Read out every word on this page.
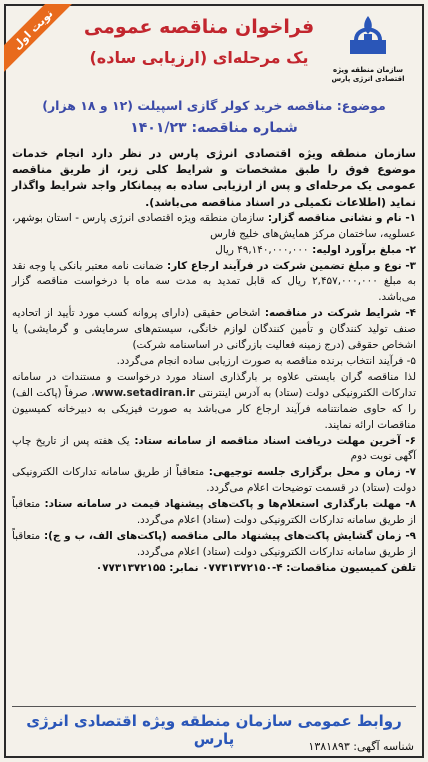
نوبت اول
سازمان منطقه ویژه اقتصادی انرژی پارس
فراخوان مناقصه عمومی
یک مرحله‌ای (ارزیابی ساده)
موضوع: مناقصه خرید کولر گازی اسپیلت (۱۲ و ۱۸ هزار)
شماره مناقصه: ۱۴۰۱/۲۳

سازمان منطقه ویژه اقتصادی انرژی پارس در نظر دارد انجام خدمات موضوع فوق را طبق مشخصات و شرایط کلی زیر، از طریق مناقصه عمومی یک مرحله‌ای و پس از ارزیابی ساده به پیمانکار واجد شرایط واگذار نماید (اطلاعات تکمیلی در اسناد مناقصه می‌باشد).

۱- نام و نشانی مناقصه گزار: سازمان منطقه ویژه اقتصادی انرژی پارس - استان بوشهر، عسلویه، ساختمان مرکز همایش‌های خلیج فارس

۲- مبلغ برآورد اولیه: ۴۹,۱۴۰,۰۰۰,۰۰۰ ریال

۳- نوع و مبلغ تضمین شرکت در فرآیند ارجاع کار: ضمانت نامه معتبر بانکی یا وجه نقد به مبلغ ۲,۴۵۷,۰۰۰,۰۰۰ ریال که قابل تمدید به مدت سه ماه با درخواست مناقصه گزار می‌باشد.

۴- شرایط شرکت در مناقصه: اشخاص حقیقی (دارای پروانه کسب مورد تأیید از اتحادیه صنف تولید کنندگان و تأمین کنندگان لوازم خانگی، سیستم‌های سرمایشی و گرمایشی) یا اشخاص حقوقی (درج زمینه فعالیت بازرگانی در اساسنامه شرکت)

۵- فرآیند انتخاب برنده مناقصه به صورت ارزیابی ساده انجام می‌گردد.

لذا مناقصه گران بایستی علاوه بر بارگذاری اسناد مورد درخواست و مستندات در سامانه تدارکات الکترونیکی دولت (ستاد) به آدرس اینترنتی www.setadiran.ir، صرفاً (پاکت الف) را که حاوی ضمانتنامه فرآیند ارجاع کار می‌باشد به صورت فیزیکی به دبیرخانه کمیسیون مناقصات ارائه نمایند.

۶- آخرین مهلت دریافت اسناد مناقصه از سامانه ستاد: یک هفته پس از تاریخ چاپ آگهی نوبت دوم

۷- زمان و محل برگزاری جلسه توجیهی: متعاقباً از طریق سامانه تدارکات الکترونیکی دولت (ستاد) در قسمت توضیحات اعلام می‌گردد.

۸- مهلت بارگذاری استعلام‌ها و پاکت‌های پیشنهاد قیمت در سامانه ستاد: متعاقباً از طریق سامانه تدارکات الکترونیکی دولت (ستاد) اعلام می‌گردد.

۹- زمان گشایش پاکت‌های پیشنهاد مالی مناقصه (پاکت‌های الف، ب و ج): متعاقباً از طریق سامانه تدارکات الکترونیکی دولت (ستاد) اعلام می‌گردد.

تلفن کمیسیون مناقصات: ۴-۰۷۷۳۱۳۷۲۱۵۰ نمابر: ۰۷۷۳۱۳۷۲۱۵۵

روابط عمومی سازمان منطقه ویژه اقتصادی انرژی پارس	شناسه آگهی: ۱۳۸۱۸۹۳
